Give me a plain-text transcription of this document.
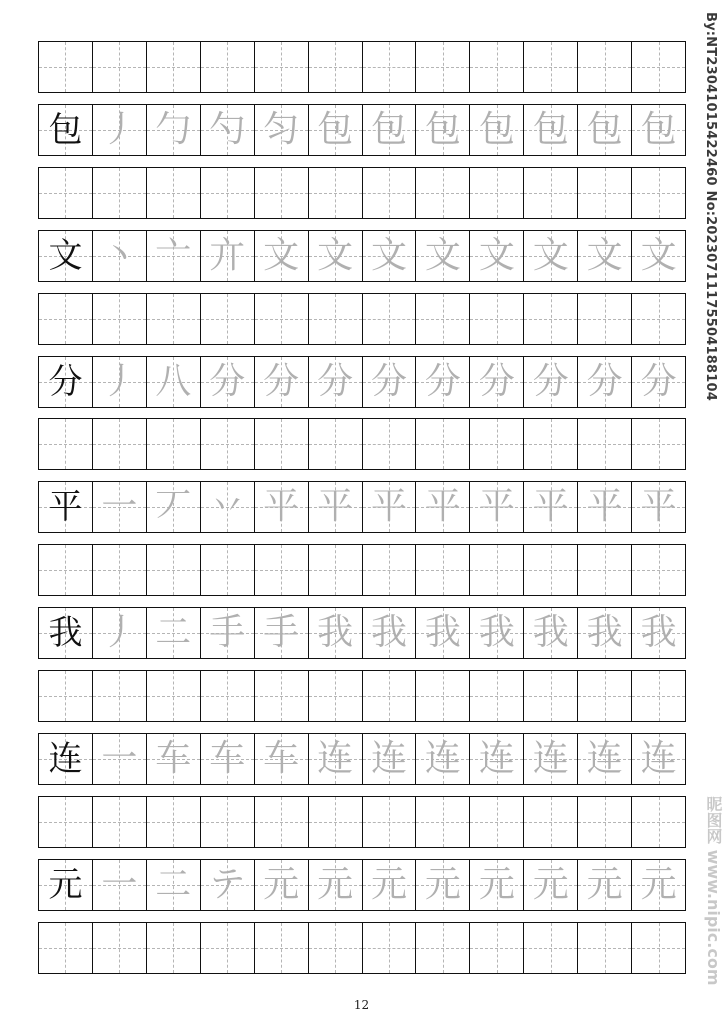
包 丿 勹 勺 匀 包 包 包 包 包 包 包
文 丶 亠 亣 文 文 文 文 文 文 文 文
分 丿 八 分 分 分 分 分 分 分 分 分
平 一 丆 丷 平 平 平 平 平 平 平 平
我 丿 二 手 手 我 我 我 我 我 我 我
连 一 车 车 车 连 连 连 连 连 连 连
元 一 二 テ 元 元 元 元 元 元 元 元
12
By:NT23041015422460 No:20230711175504188104
昵图网 www.nipic.com
